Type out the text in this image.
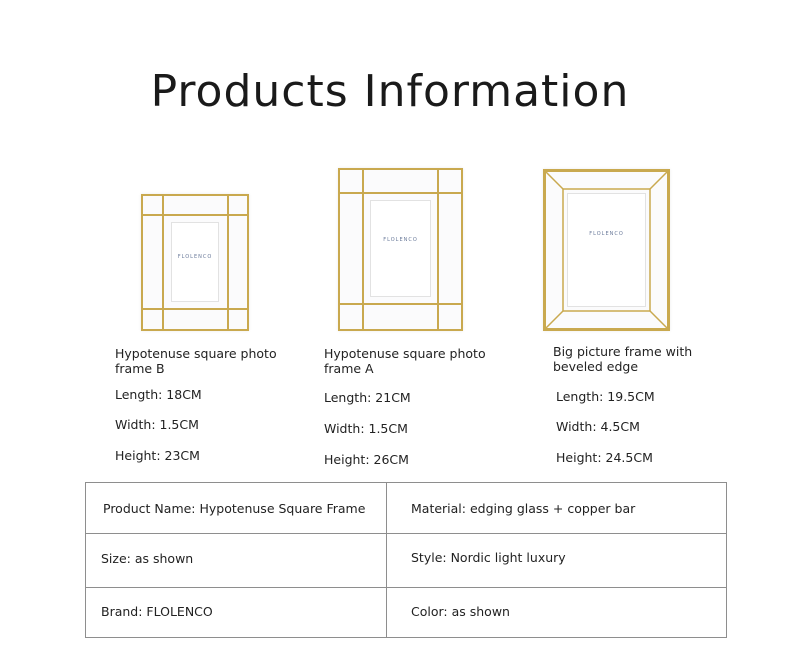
Products Information
FLOLENCO
FLOLENCO
FLOLENCO
Hypotenuse square photo
frame B
Hypotenuse square photo
frame A
Big picture frame with
beveled edge
Length: 18CM
Width: 1.5CM
Height: 23CM
Length: 21CM
Width: 1.5CM
Height: 26CM
Length: 19.5CM
Width: 4.5CM
Height: 24.5CM
Product Name: Hypotenuse Square Frame	Material: edging glass + copper bar
Size: as shown	Style: Nordic light luxury
Brand: FLOLENCO	Color: as shown
